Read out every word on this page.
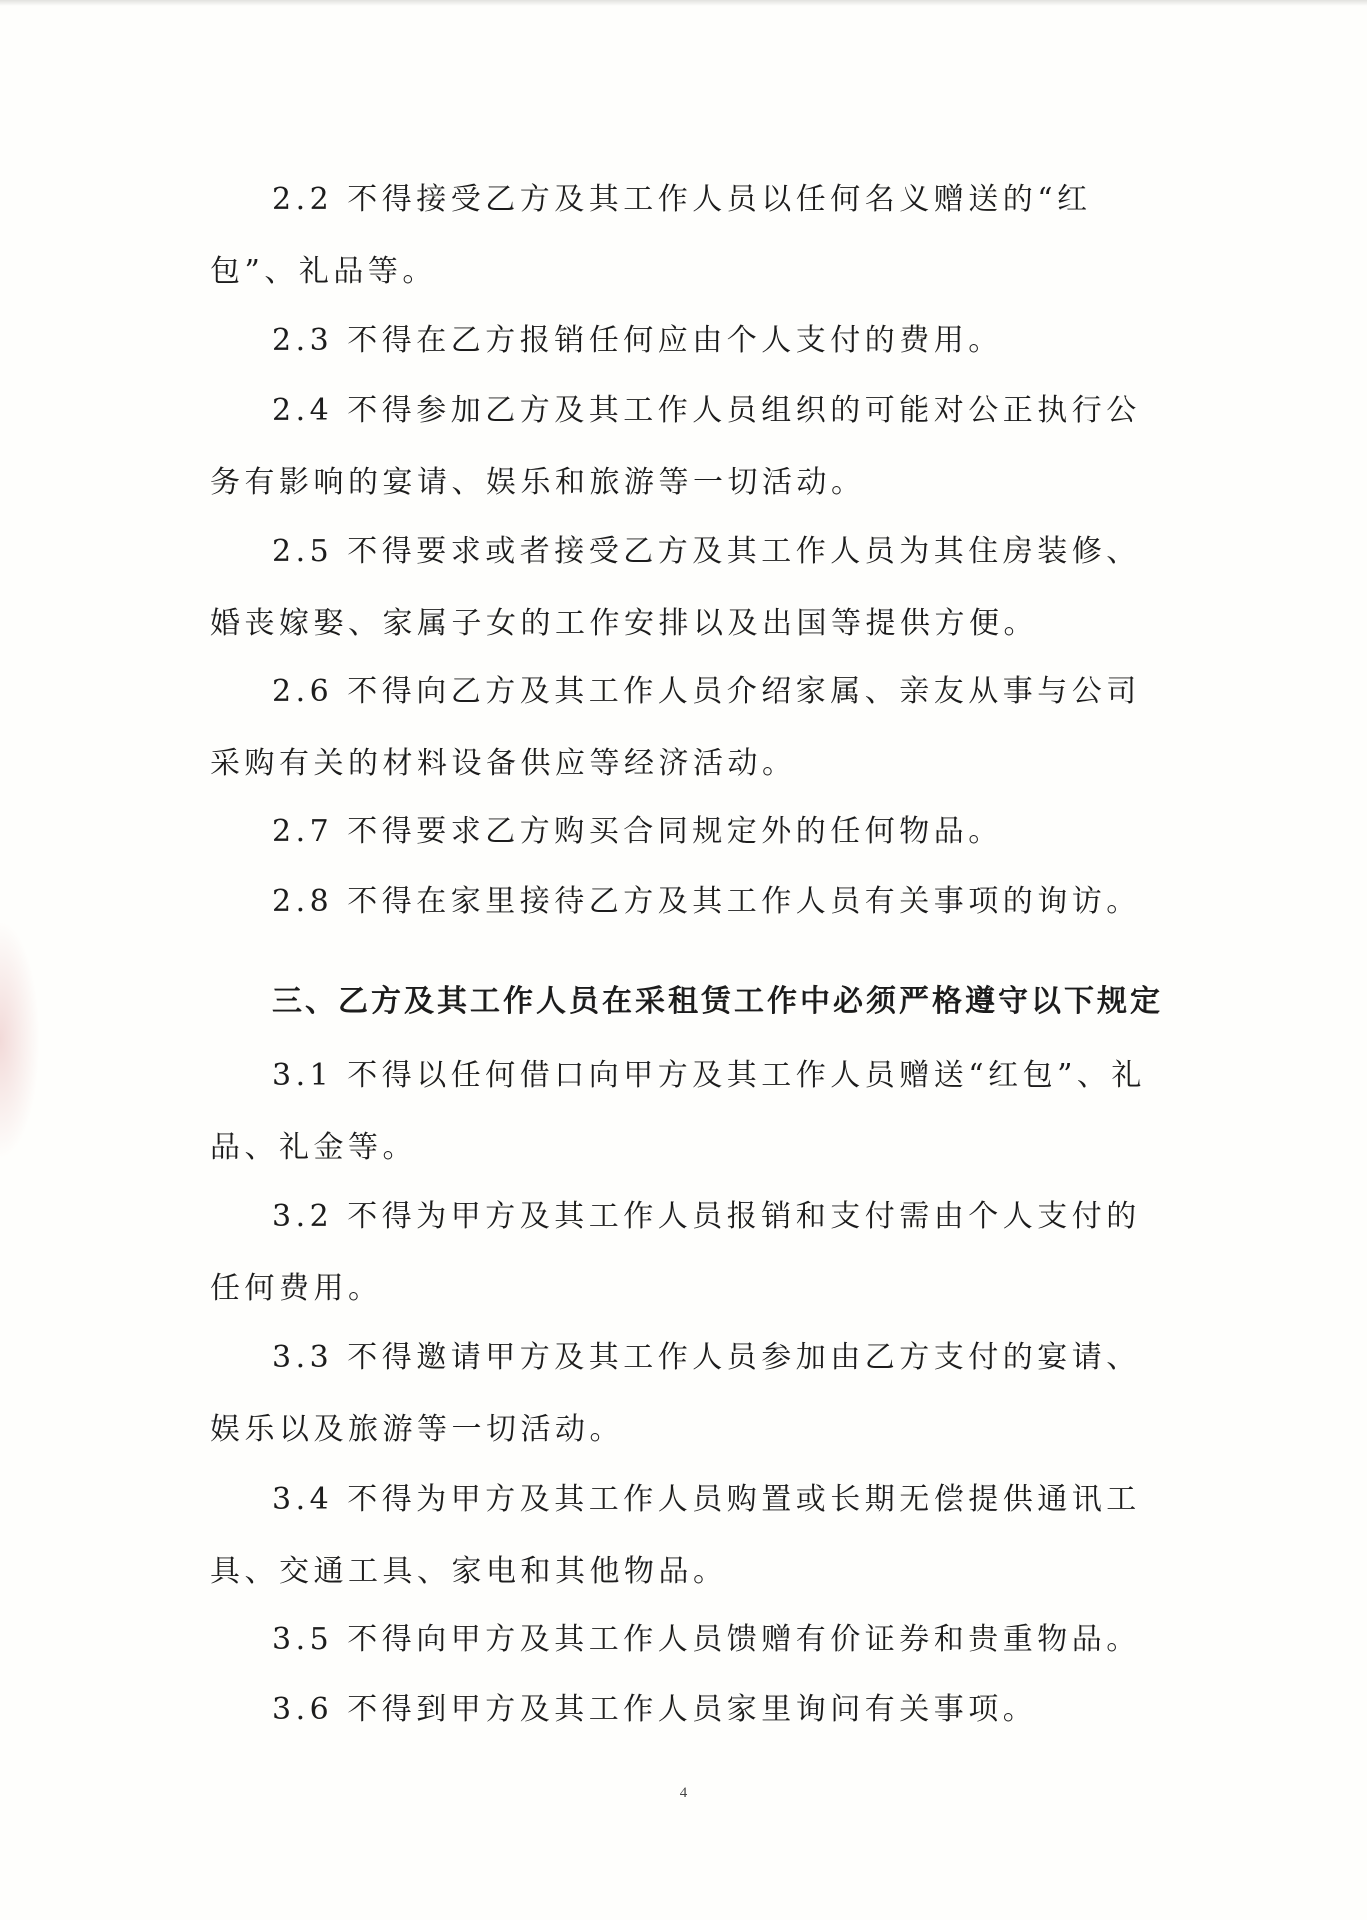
2.2 不得接受乙方及其工作人员以任何名义赠送的“红包”、礼品等。

2.3 不得在乙方报销任何应由个人支付的费用。

2.4 不得参加乙方及其工作人员组织的可能对公正执行公务有影响的宴请、娱乐和旅游等一切活动。

2.5 不得要求或者接受乙方及其工作人员为其住房装修、婚丧嫁娶、家属子女的工作安排以及出国等提供方便。

2.6 不得向乙方及其工作人员介绍家属、亲友从事与公司采购有关的材料设备供应等经济活动。

2.7 不得要求乙方购买合同规定外的任何物品。

2.8 不得在家里接待乙方及其工作人员有关事项的询访。

三、乙方及其工作人员在采租赁工作中必须严格遵守以下规定

3.1 不得以任何借口向甲方及其工作人员赠送“红包”、礼品、礼金等。

3.2 不得为甲方及其工作人员报销和支付需由个人支付的任何费用。

3.3 不得邀请甲方及其工作人员参加由乙方支付的宴请、娱乐以及旅游等一切活动。

3.4 不得为甲方及其工作人员购置或长期无偿提供通讯工具、交通工具、家电和其他物品。

3.5 不得向甲方及其工作人员馈赠有价证券和贵重物品。

3.6 不得到甲方及其工作人员家里询问有关事项。

4
